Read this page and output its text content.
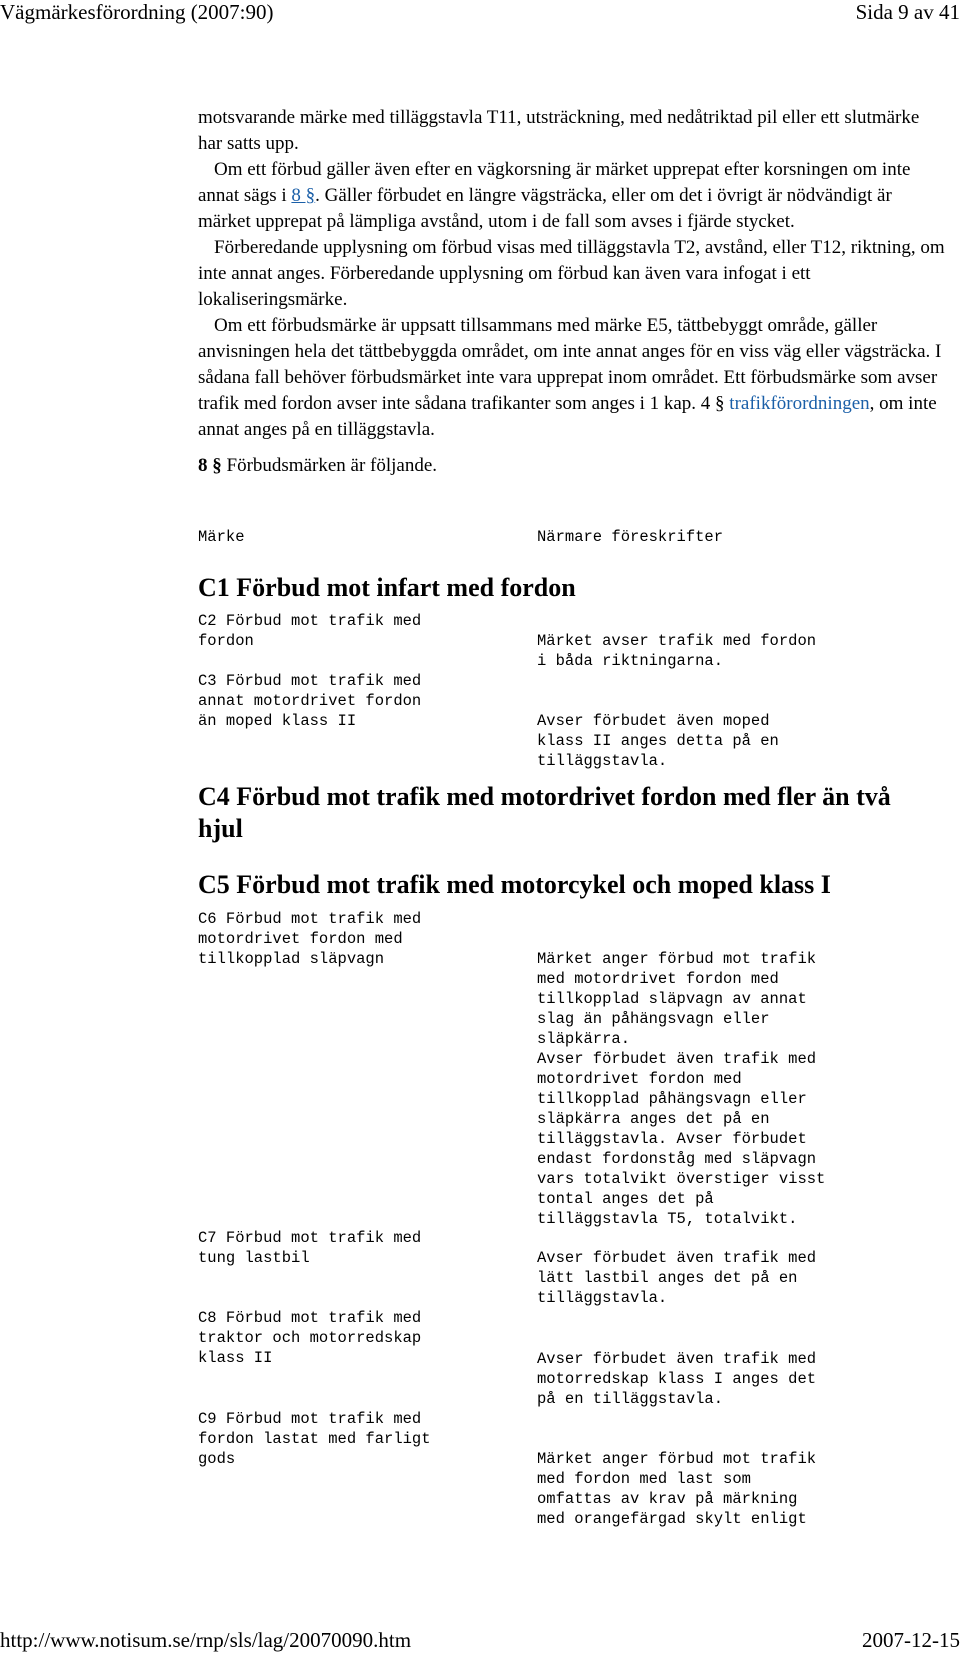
Vägmärkesförordning (2007:90)	Sida 9 av 41

motsvarande märke med tilläggstavla T11, utsträckning, med nedåtriktad pil eller ett slutmärke har satts upp.

Om ett förbud gäller även efter en vägkorsning är märket upprepat efter korsningen om inte annat sägs i 8 §. Gäller förbudet en längre vägsträcka, eller om det i övrigt är nödvändigt är märket upprepat på lämpliga avstånd, utom i de fall som avses i fjärde stycket.

Förberedande upplysning om förbud visas med tilläggstavla T2, avstånd, eller T12, riktning, om inte annat anges. Förberedande upplysning om förbud kan även vara infogat i ett lokaliseringsmärke.

Om ett förbudsmärke är uppsatt tillsammans med märke E5, tättbebyggt område, gäller anvisningen hela det tättbebyggda området, om inte annat anges för en viss väg eller vägsträcka. I sådana fall behöver förbudsmärket inte vara upprepat inom området. Ett förbudsmärke som avser trafik med fordon avser inte sådana trafikanter som anges i 1 kap. 4 § trafikförordningen, om inte annat anges på en tilläggstavla.

8 § Förbudsmärken är följande.

Märke	Närmare föreskrifter
C1 Förbud mot infart med fordon
C2 Förbud mot trafik med
fordon	Märket avser trafik med fordon
i båda riktningarna.
C3 Förbud mot trafik med
annat motordrivet fordon
än moped klass II	Avser förbudet även moped
klass II anges detta på en
tilläggstavla.
C4 Förbud mot trafik med motordrivet fordon med fler än två hjul
C5 Förbud mot trafik med motorcykel och moped klass I
C6 Förbud mot trafik med
motordrivet fordon med
tillkopplad släpvagn	Märket anger förbud mot trafik
med motordrivet fordon med
tillkopplad släpvagn av annat
slag än påhängsvagn eller
släpkärra.
Avser förbudet även trafik med
motordrivet fordon med
tillkopplad påhängsvagn eller
släpkärra anges det på en
tilläggstavla. Avser förbudet
endast fordonståg med släpvagn
vars totalvikt överstiger visst
tontal anges det på
tilläggstavla T5, totalvikt.
C7 Förbud mot trafik med
tung lastbil	Avser förbudet även trafik med
lätt lastbil anges det på en
tilläggstavla.
C8 Förbud mot trafik med
traktor och motorredskap
klass II	Avser förbudet även trafik med
motorredskap klass I anges det
på en tilläggstavla.
C9 Förbud mot trafik med
fordon lastat med farligt
gods	Märket anger förbud mot trafik
med fordon med last som
omfattas av krav på märkning
med orangefärgad skylt enligt
http://www.notisum.se/rnp/sls/lag/20070090.htm	2007-12-15
